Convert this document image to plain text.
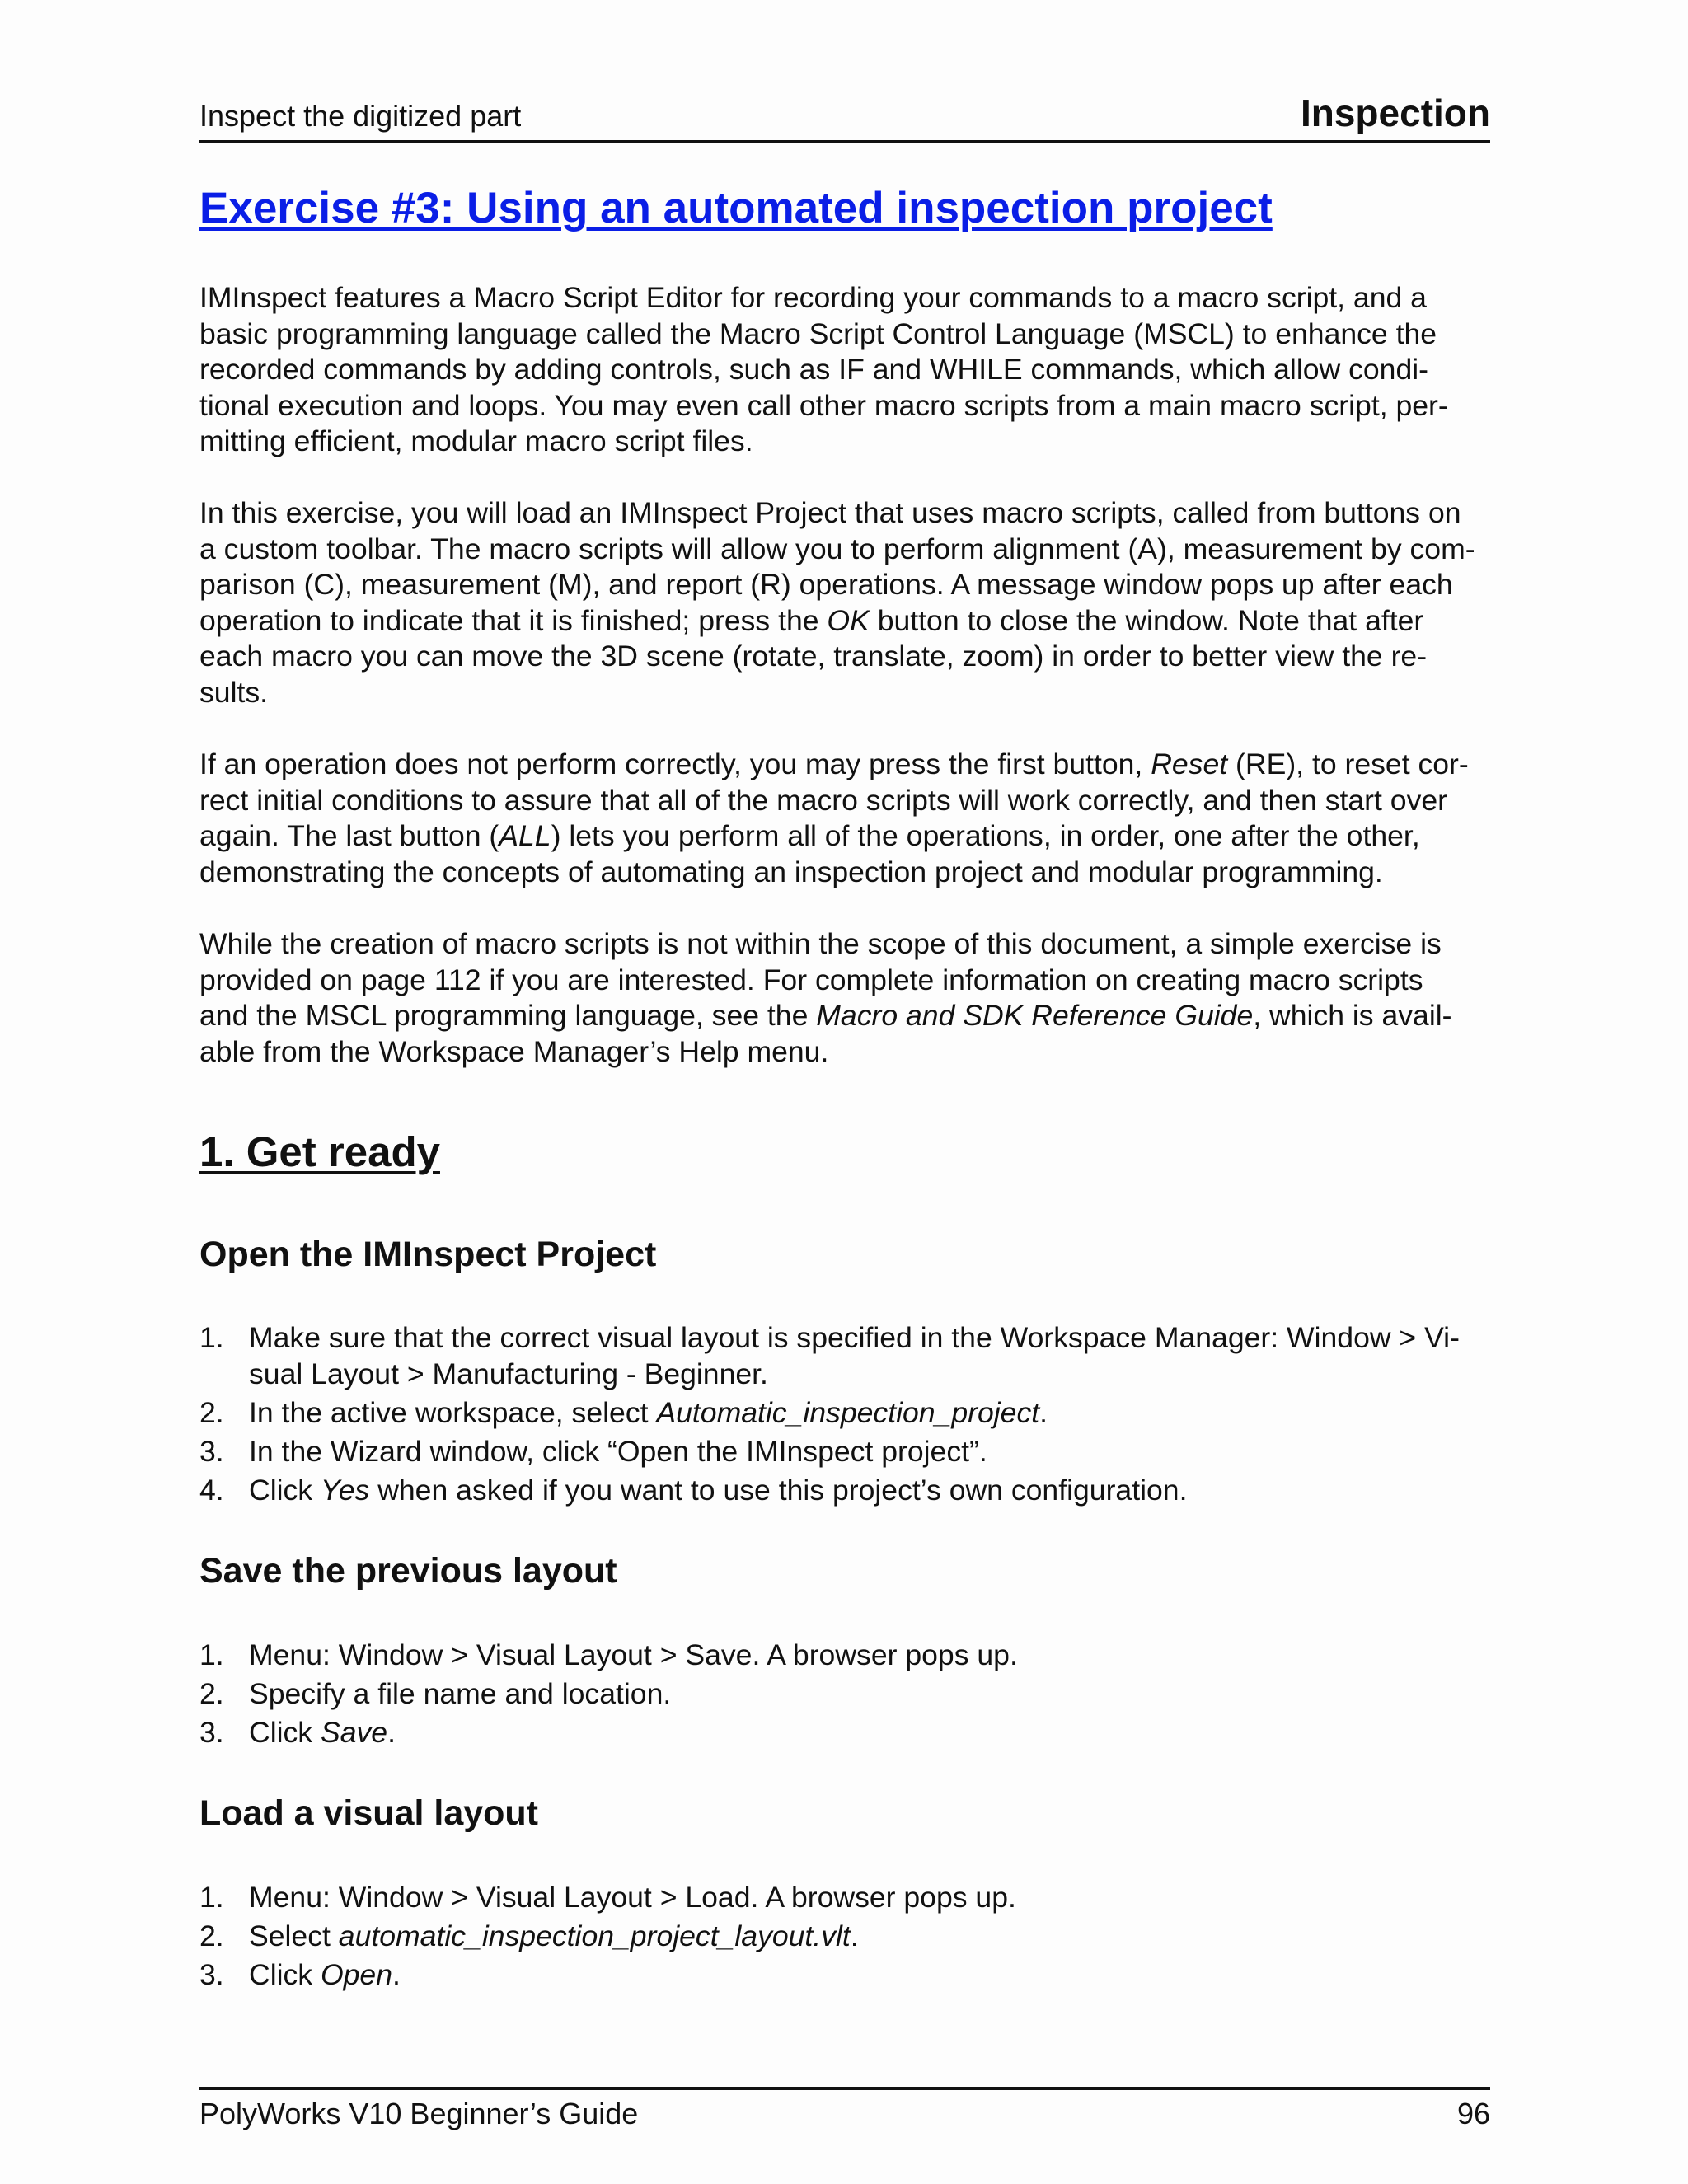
Inspect the digitized part	Inspection
Exercise #3: Using an automated inspection project
IMInspect features a Macro Script Editor for recording your commands to a macro script, and a
basic programming language called the Macro Script Control Language (MSCL) to enhance the
recorded commands by adding controls, such as IF and WHILE commands, which allow condi-
tional execution and loops. You may even call other macro scripts from a main macro script, per-
mitting efficient, modular macro script files.
In this exercise, you will load an IMInspect Project that uses macro scripts, called from buttons on
a custom toolbar. The macro scripts will allow you to perform alignment (A), measurement by com-
parison (C), measurement (M), and report (R) operations. A message window pops up after each
operation to indicate that it is finished; press the OK button to close the window. Note that after
each macro you can move the 3D scene (rotate, translate, zoom) in order to better view the re-
sults.
If an operation does not perform correctly, you may press the first button, Reset (RE), to reset cor-
rect initial conditions to assure that all of the macro scripts will work correctly, and then start over
again. The last button (ALL) lets you perform all of the operations, in order, one after the other,
demonstrating the concepts of automating an inspection project and modular programming.
While the creation of macro scripts is not within the scope of this document, a simple exercise is
provided on page 112 if you are interested. For complete information on creating macro scripts
and the MSCL programming language, see the Macro and SDK Reference Guide, which is avail-
able from the Workspace Manager’s Help menu.
1. Get ready
Open the IMInspect Project
1. Make sure that the correct visual layout is specified in the Workspace Manager: Window > Vi-
sual Layout > Manufacturing - Beginner.
2. In the active workspace, select Automatic_inspection_project.
3. In the Wizard window, click “Open the IMInspect project”.
4. Click Yes when asked if you want to use this project’s own configuration.
Save the previous layout
1. Menu: Window > Visual Layout > Save. A browser pops up.
2. Specify a file name and location.
3. Click Save.
Load a visual layout
1. Menu: Window > Visual Layout > Load. A browser pops up.
2. Select automatic_inspection_project_layout.vlt.
3. Click Open.
PolyWorks V10 Beginner’s Guide	96
